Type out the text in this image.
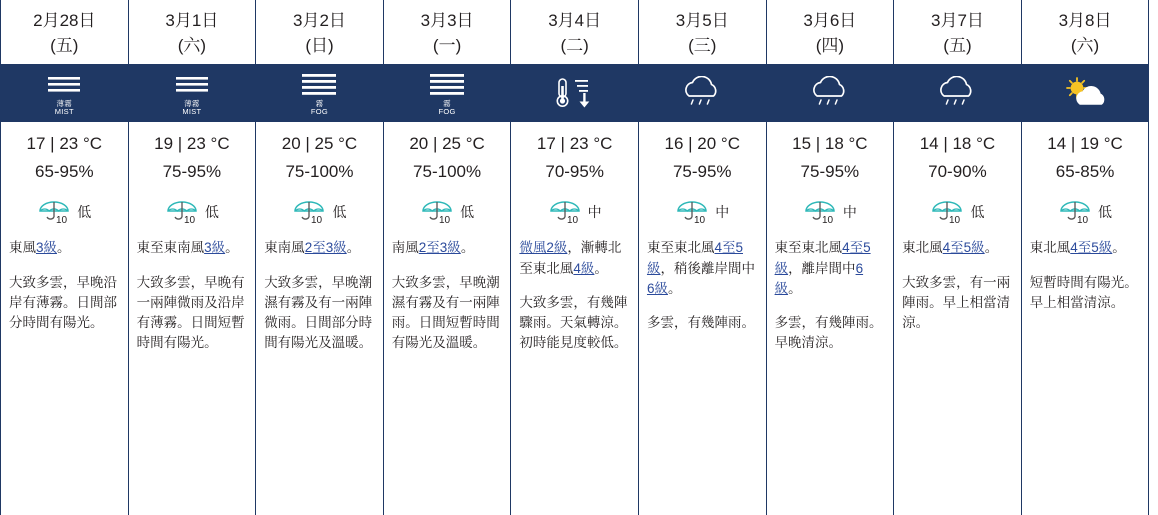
2月28日
(五)
薄霧
MIST
17 | 23 °C
65-95%
10
低

東風3級。

大致多雲，早晚沿岸有薄霧。日間部分時間有陽光。

3月1日
(六)
薄霧
MIST
19 | 23 °C
75-95%
10
低

東至東南風3級。

大致多雲，早晚有一兩陣微雨及沿岸有薄霧。日間短暫時間有陽光。

3月2日
(日)
霧
FOG
20 | 25 °C
75-100%
10
低

東南風2至3級。

大致多雲，早晚潮濕有霧及有一兩陣微雨。日間部分時間有陽光及溫暖。

3月3日
(一)
霧
FOG
20 | 25 °C
75-100%
10
低

南風2至3級。

大致多雲，早晚潮濕有霧及有一兩陣雨。日間短暫時間有陽光及溫暖。

3月4日
(二)
17 | 23 °C
70-95%
10
中

微風2級，漸轉北至東北風4級。

大致多雲，有幾陣驟雨。天氣轉涼。初時能見度較低。

3月5日
(三)
16 | 20 °C
75-95%
10
中

東至東北風4至5級，稍後離岸間中6級。

多雲，有幾陣雨。

3月6日
(四)
15 | 18 °C
75-95%
10
中

東至東北風4至5級，離岸間中6級。

多雲，有幾陣雨。早晚清涼。

3月7日
(五)
14 | 18 °C
70-90%
10
低

東北風4至5級。

大致多雲，有一兩陣雨。早上相當清涼。

3月8日
(六)
14 | 19 °C
65-85%
10
低

東北風4至5級。

短暫時間有陽光。早上相當清涼。
